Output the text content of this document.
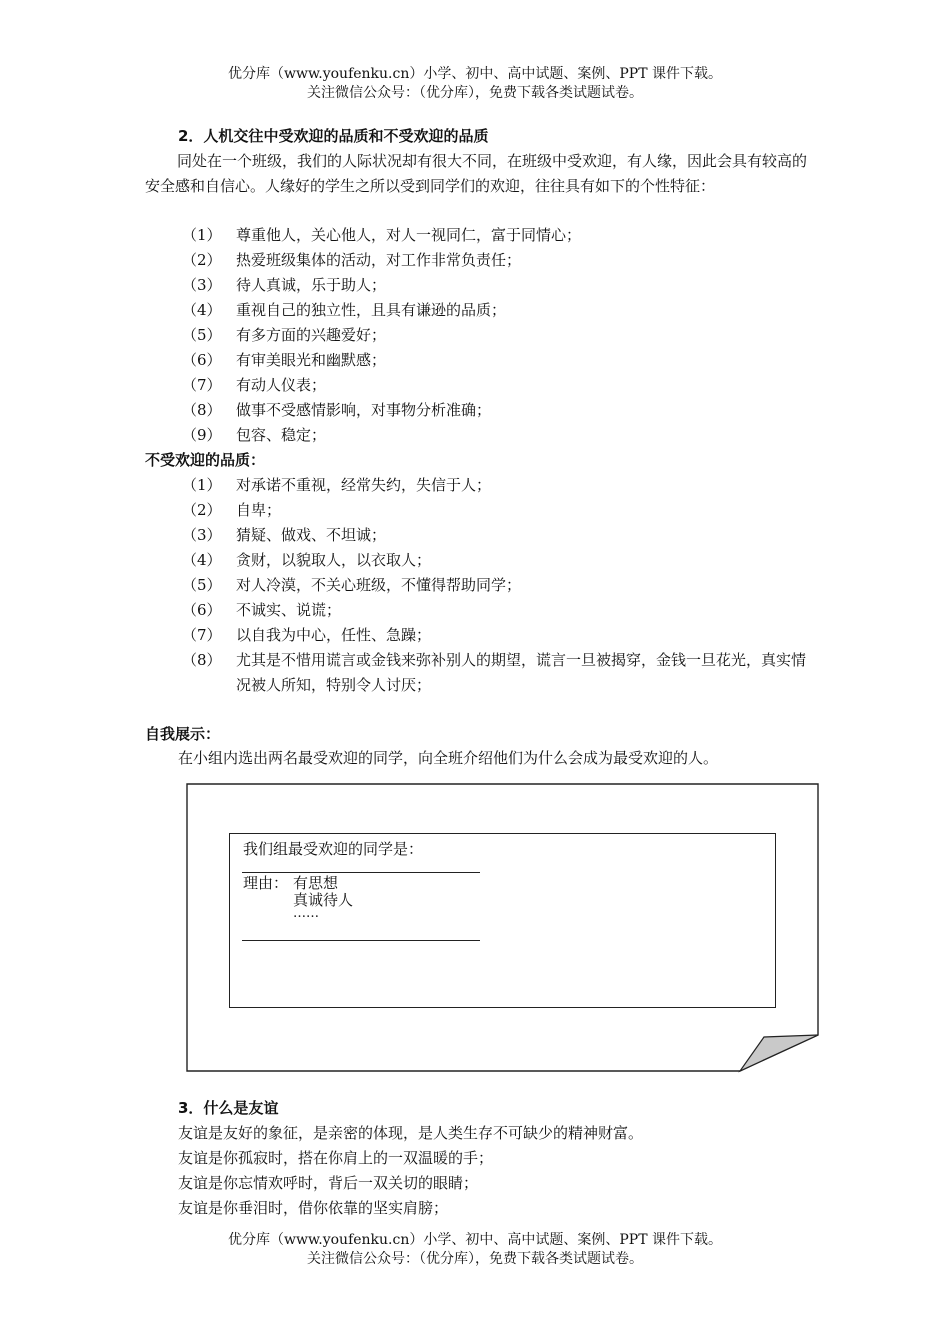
优分库（www.youfenku.cn）小学、初中、高中试题、案例、PPT 课件下载。
关注微信公众号：（优分库），免费下载各类试题试卷。
2．人机交往中受欢迎的品质和不受欢迎的品质
同处在一个班级，我们的人际状况却有很大不同，在班级中受欢迎，有人缘，因此会具有较高的安全感和自信心。人缘好的学生之所以受到同学们的欢迎，往往具有如下的个性特征：
（1） 尊重他人，关心他人，对人一视同仁，富于同情心；
（2） 热爱班级集体的活动，对工作非常负责任；
（3） 待人真诚，乐于助人；
（4） 重视自己的独立性，且具有谦逊的品质；
（5） 有多方面的兴趣爱好；
（6） 有审美眼光和幽默感；
（7） 有动人仪表；
（8） 做事不受感情影响，对事物分析准确；
（9） 包容、稳定；
不受欢迎的品质：
（1） 对承诺不重视，经常失约，失信于人；
（2） 自卑；
（3） 猜疑、做戏、不坦诚；
（4） 贪财，以貌取人，以衣取人；
（5） 对人冷漠，不关心班级，不懂得帮助同学；
（6） 不诚实、说谎；
（7） 以自我为中心，任性、急躁；
（8） 尤其是不惜用谎言或金钱来弥补别人的期望，谎言一旦被揭穿，金钱一旦花光，真实情况被人所知，特别令人讨厌；
自我展示：
在小组内选出两名最受欢迎的同学，向全班介绍他们为什么会成为最受欢迎的人。
我们组最受欢迎的同学是：
理由： 有思想
真诚待人
……
3．什么是友谊
友谊是友好的象征，是亲密的体现，是人类生存不可缺少的精神财富。
友谊是你孤寂时，搭在你肩上的一双温暖的手；
友谊是你忘情欢呼时，背后一双关切的眼睛；
友谊是你垂泪时，借你依靠的坚实肩膀；
优分库（www.youfenku.cn）小学、初中、高中试题、案例、PPT 课件下载。
关注微信公众号：（优分库），免费下载各类试题试卷。
